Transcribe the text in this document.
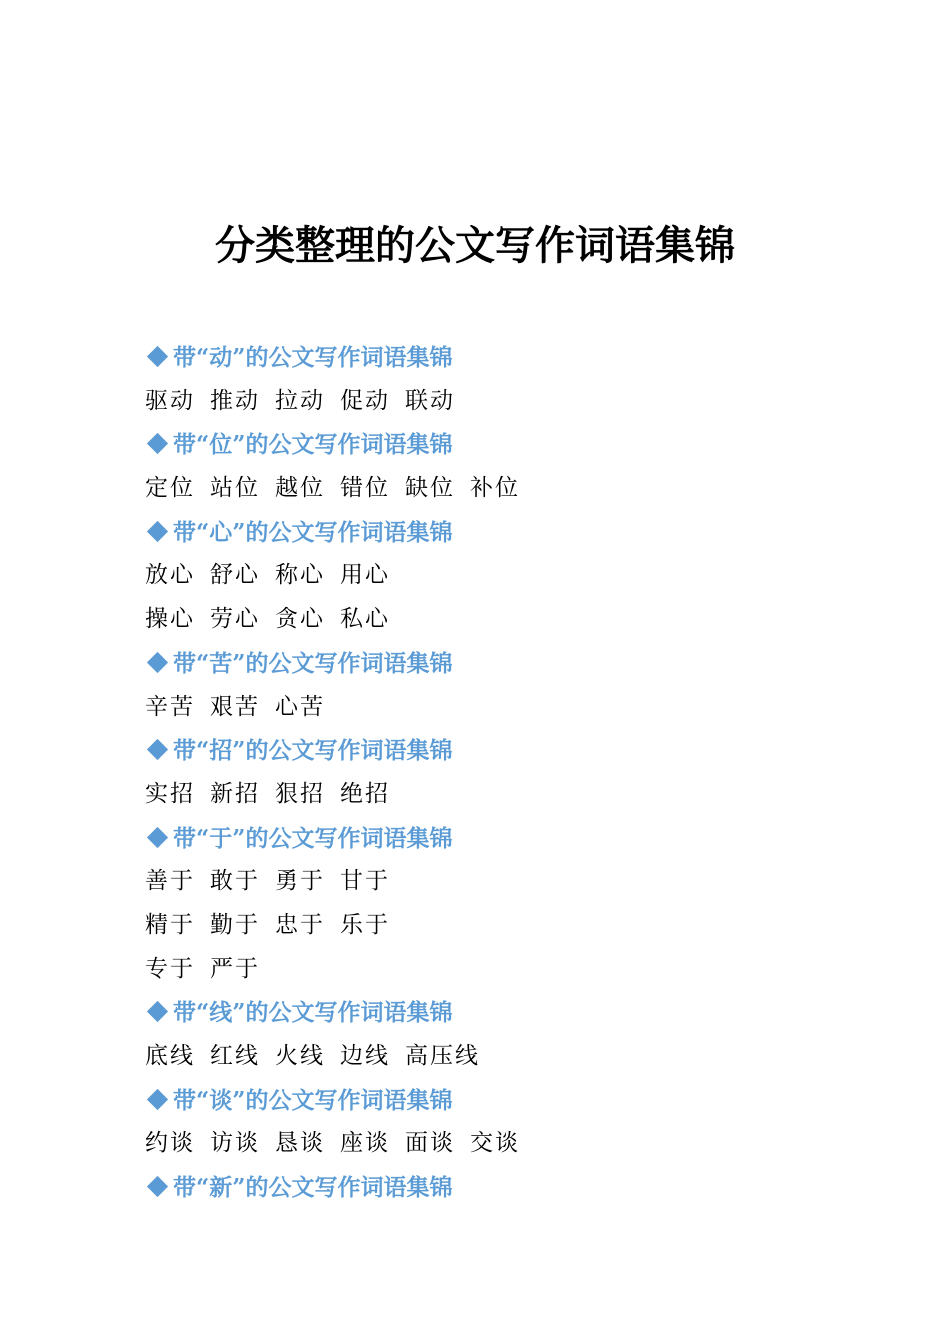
分类整理的公文写作词语集锦
带“动”的公文写作词语集锦
驱动 推动 拉动 促动 联动
带“位”的公文写作词语集锦
定位 站位 越位 错位 缺位 补位
带“心”的公文写作词语集锦
放心 舒心 称心 用心
操心 劳心 贪心 私心
带“苦”的公文写作词语集锦
辛苦 艰苦 心苦
带“招”的公文写作词语集锦
实招 新招 狠招 绝招
带“于”的公文写作词语集锦
善于 敢于 勇于 甘于
精于 勤于 忠于 乐于
专于 严于
带“线”的公文写作词语集锦
底线 红线 火线 边线 高压线
带“谈”的公文写作词语集锦
约谈 访谈 恳谈 座谈 面谈 交谈
带“新”的公文写作词语集锦
